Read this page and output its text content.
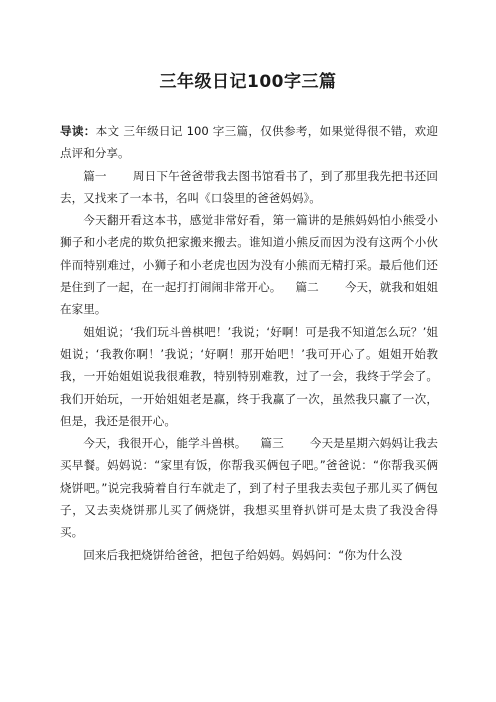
三年级日记100字三篇

导读：本文 三年级日记 100 字三篇，仅供参考，如果觉得很不错，欢迎点评和分享。

篇一 周日下午爸爸带我去图书馆看书了，到了那里我先把书还回去，又找来了一本书，名叫《口袋里的爸爸妈妈》。

今天翻开看这本书，感觉非常好看，第一篇讲的是熊妈妈怕小熊受小狮子和小老虎的欺负把家搬来搬去。谁知道小熊反而因为没有这两个小伙伴而特别难过，小狮子和小老虎也因为没有小熊而无精打采。最后他们还是住到了一起，在一起打打闹闹非常开心。 篇二 今天，就我和姐姐在家里。

姐姐说；‘我们玩斗兽棋吧！’我说；‘好啊！可是我不知道怎么玩？’姐姐说；‘我教你啊！’我说；‘好啊！那开始吧！’我可开心了。姐姐开始教我，一开始姐姐说我很难教，特别特别难教，过了一会，我终于学会了。我们开始玩，一开始姐姐老是赢，终于我赢了一次，虽然我只赢了一次，但是，我还是很开心。

今天，我很开心，能学斗兽棋。 篇三 今天是星期六妈妈让我去买早餐。妈妈说：“家里有饭，你帮我买俩包子吧。”爸爸说：“你帮我买俩烧饼吧。”说完我骑着自行车就走了，到了村子里我去卖包子那儿买了俩包子，又去卖烧饼那儿买了俩烧饼，我想买里脊扒饼可是太贵了我没舍得买。

回来后我把烧饼给爸爸，把包子给妈妈。妈妈问：“你为什么没
